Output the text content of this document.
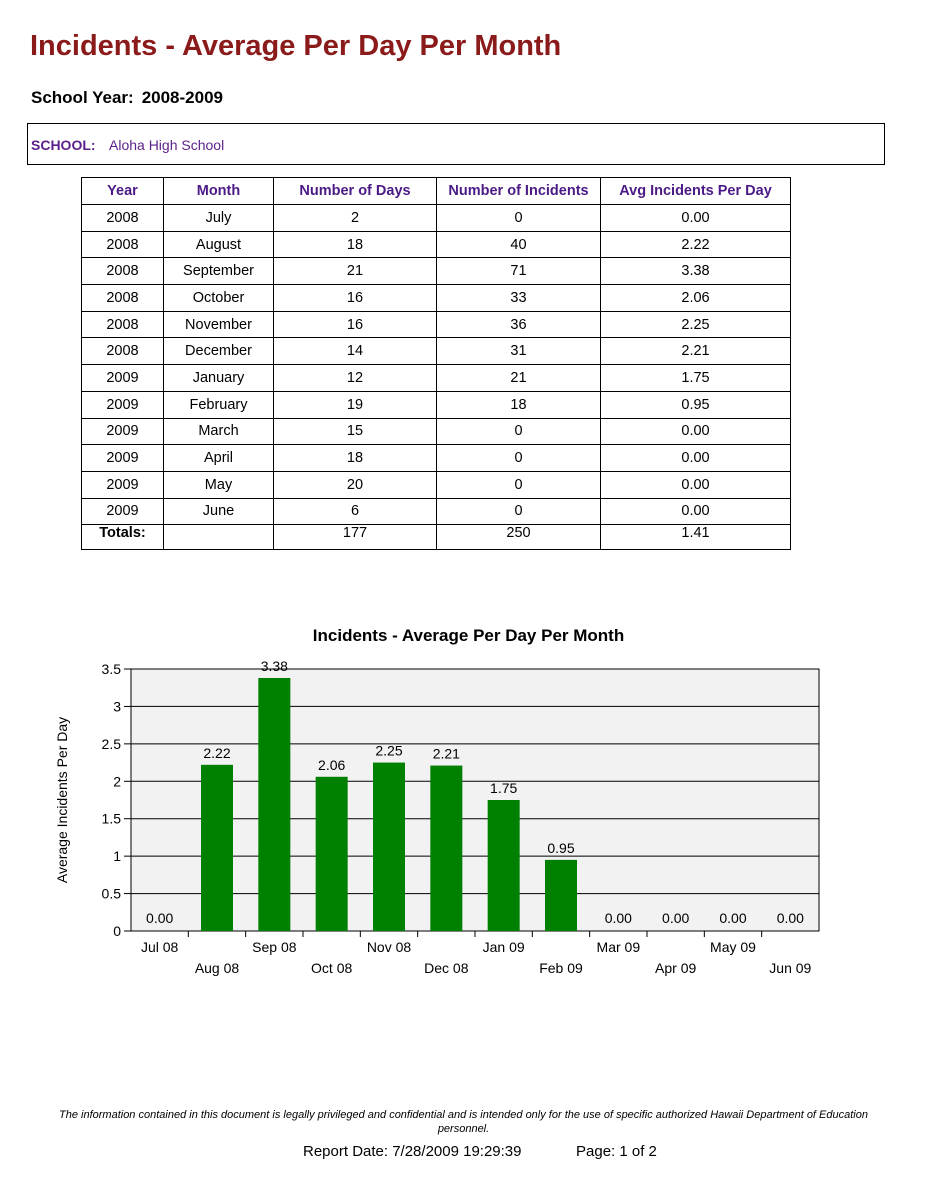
Incidents - Average Per Day Per Month
School Year: 2008-2009
SCHOOL: Aloha High School
Year	Month	Number of Days	Number of Incidents	Avg Incidents Per Day
2008	July	2	0	0.00
2008	August	18	40	2.22
2008	September	21	71	3.38
2008	October	16	33	2.06
2008	November	16	36	2.25
2008	December	14	31	2.21
2009	January	12	21	1.75
2009	February	19	18	0.95
2009	March	15	0	0.00
2009	April	18	0	0.00
2009	May	20	0	0.00
2009	June	6	0	0.00
Totals:		177	250	1.41
Incidents - Average Per Day Per Month
0
0.5
1
1.5
2
2.5
3
3.5
Average Incidents Per Day
0.00
Jul 08
2.22
Aug 08
3.38
Sep 08
2.06
Oct 08
2.25
Nov 08
2.21
Dec 08
1.75
Jan 09
0.95
Feb 09
0.00
Mar 09
0.00
Apr 09
0.00
May 09
0.00
Jun 09
The information contained in this document is legally privileged and confidential and is intended only for the use of specific authorized Hawaii Department of Education personnel.
Report Date: 7/28/2009 19:29:39	Page: 1 of 2
